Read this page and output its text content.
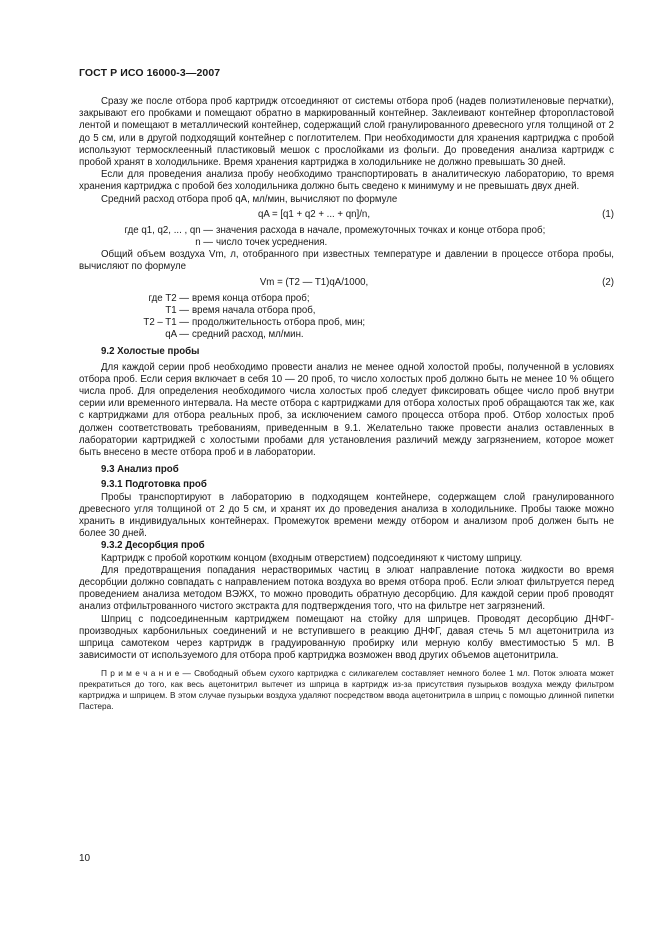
ГОСТ Р ИСО 16000-3—2007

Сразу же после отбора проб картридж отсоединяют от системы отбора проб (надев полиэтиленовые перчатки), закрывают его пробками и помещают обратно в маркированный контейнер. Заклеивают контейнер фторопластовой лентой и помещают в металлический контейнер, содержащий слой гранулированного древесного угля толщиной от 2 до 5 см, или в другой подходящий контейнер с поглотителем. При необходимости для хранения картриджа с пробой используют термосклеенный пластиковый мешок с прослойками из фольги. До проведения анализа картридж с пробой хранят в холодильнике. Время хранения картриджа в холодильнике не должно превышать 30 дней.

Если для проведения анализа пробу необходимо транспортировать в аналитическую лабораторию, то время хранения картриджа с пробой без холодильника должно быть сведено к минимуму и не превышать двух дней.

Средний расход отбора проб qA, мл/мин, вычисляют по формуле

qA = [q1 + q2 + ... + qn]/n,	(1)
где q1, q2, ... , qn — значения расхода в начале, промежуточных точках и конце отбора проб;
n — число точек усреднения.

Общий объем воздуха Vm, л, отобранного при известных температуре и давлении в процессе отбора пробы, вычисляют по формуле

Vm = (T2 — T1)qA/1000,	(2)
где T2 — время конца отбора проб;
T1 — время начала отбора проб,
T2 – T1 — продолжительность отбора проб, мин;
qA — средний расход, мл/мин.
9.2 Холостые пробы

Для каждой серии проб необходимо провести анализ не менее одной холостой пробы, полученной в условиях отбора проб. Если серия включает в себя 10 — 20 проб, то число холостых проб должно быть не менее 10 % общего числа проб. Для определения необходимого числа холостых проб следует фиксировать общее число проб внутри серии или временного интервала. На месте отбора с картриджами для отбора холостых проб обращаются так же, как с картриджами для отбора реальных проб, за исключением самого процесса отбора проб. Отбор холостых проб должен соответствовать требованиям, приведенным в 9.1. Желательно также провести анализ оставленных в лаборатории картриджей с холостыми пробами для установления различий между загрязнением, которое может быть внесено в месте отбора проб и в лаборатории.

9.3 Анализ проб
9.3.1 Подготовка проб

Пробы транспортируют в лабораторию в подходящем контейнере, содержащем слой гранулированного древесного угля толщиной от 2 до 5 см, и хранят их до проведения анализа в холодильнике. Пробы также можно хранить в индивидуальных контейнерах. Промежуток времени между отбором и анализом проб должен быть не более 30 дней.

9.3.2 Десорбция проб

Картридж с пробой коротким концом (входным отверстием) подсоединяют к чистому шприцу.

Для предотвращения попадания нерастворимых частиц в элюат направление потока жидкости во время десорбции должно совпадать с направлением потока воздуха во время отбора проб. Если элюат фильтруется перед проведением анализа методом ВЭЖХ, то можно проводить обратную десорбцию. Для каждой серии проб проводят анализ отфильтрованного чистого экстракта для подтверждения того, что на фильтре нет загрязнений.

Шприц с подсоединенным картриджем помещают на стойку для шприцев. Проводят десорбцию ДНФГ-производных карбонильных соединений и не вступившего в реакцию ДНФГ, давая стечь 5 мл ацетонитрила из шприца самотеком через картридж в градуированную пробирку или мерную колбу вместимостью 5 мл. В зависимости от используемого для отбора проб картриджа возможен ввод других объемов ацетонитрила.

П р и м е ч а н и е — Свободный объем сухого картриджа с силикагелем составляет немного более 1 мл. Поток элюата может прекратиться до того, как весь ацетонитрил вытечет из шприца в картридж из-за присутствия пузырьков воздуха между фильтром картриджа и шприцем. В этом случае пузырьки воздуха удаляют посредством ввода ацетонитрила в шприц с помощью длинной пипетки Пастера.

10
